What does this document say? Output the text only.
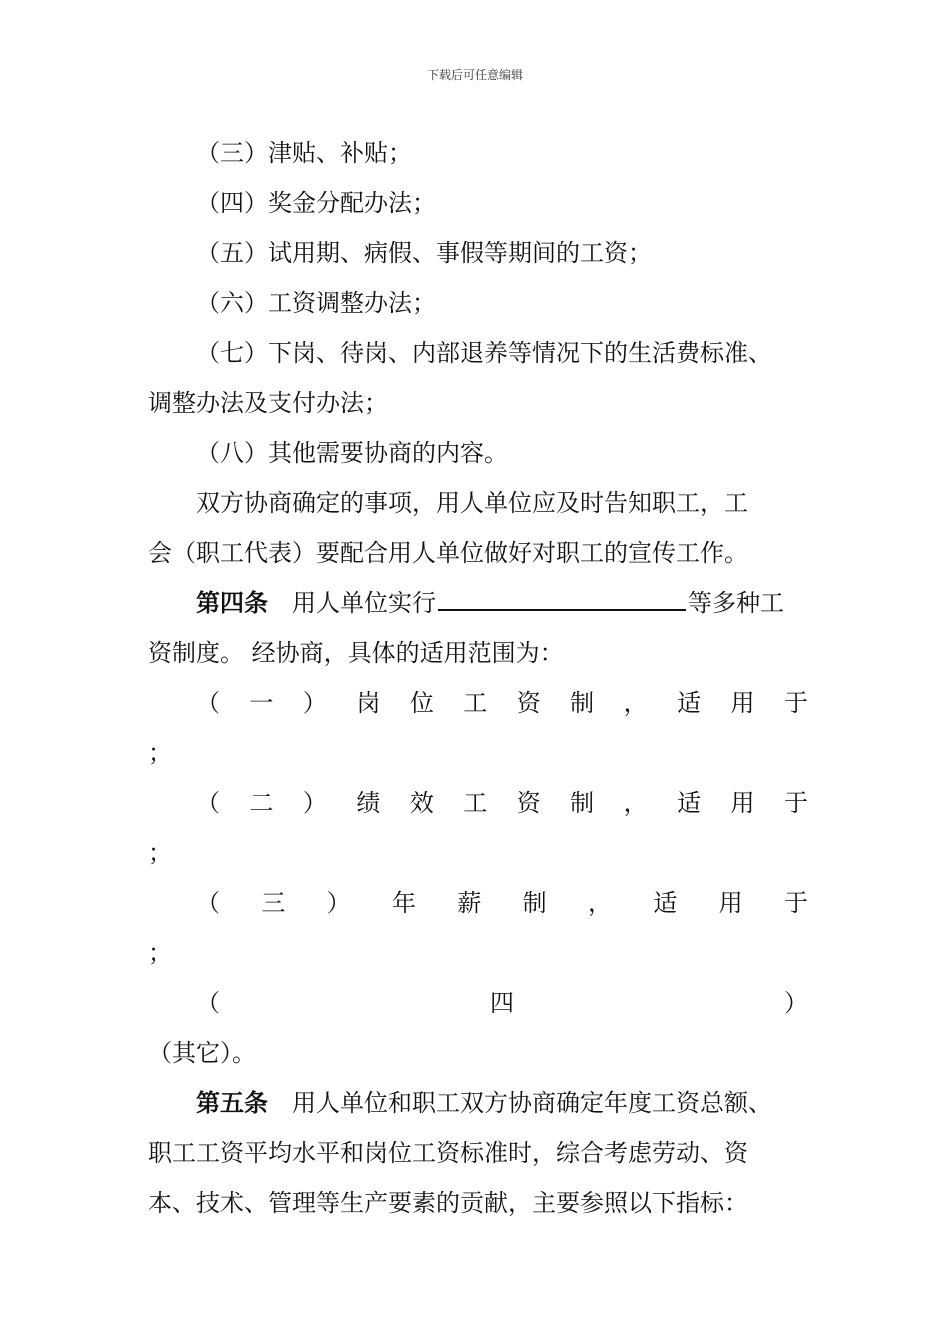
下载后可任意编辑

（三）津贴、补贴；

（四）奖金分配办法；

（五）试用期、病假、事假等期间的工资；

（六）工资调整办法；

（七）下岗、待岗、内部退养等情况下的生活费标准、

调整办法及支付办法；

（八）其他需要协商的内容。

双方协商确定的事项，用人单位应及时告知职工，工

会（职工代表）要配合用人单位做好对职工的宣传工作。

第四条 用人单位实行	等多种工

资制度。 经协商，具体的适用范围为：

（一）岗位工资制，适用于

；

（二）绩效工资制，适用于

；

（三）年薪制，适用于

；

（	四	）

（其它）。

第五条 用人单位和职工双方协商确定年度工资总额、

职工工资平均水平和岗位工资标准时，综合考虑劳动、资

本、技术、管理等生产要素的贡献，主要参照以下指标：
